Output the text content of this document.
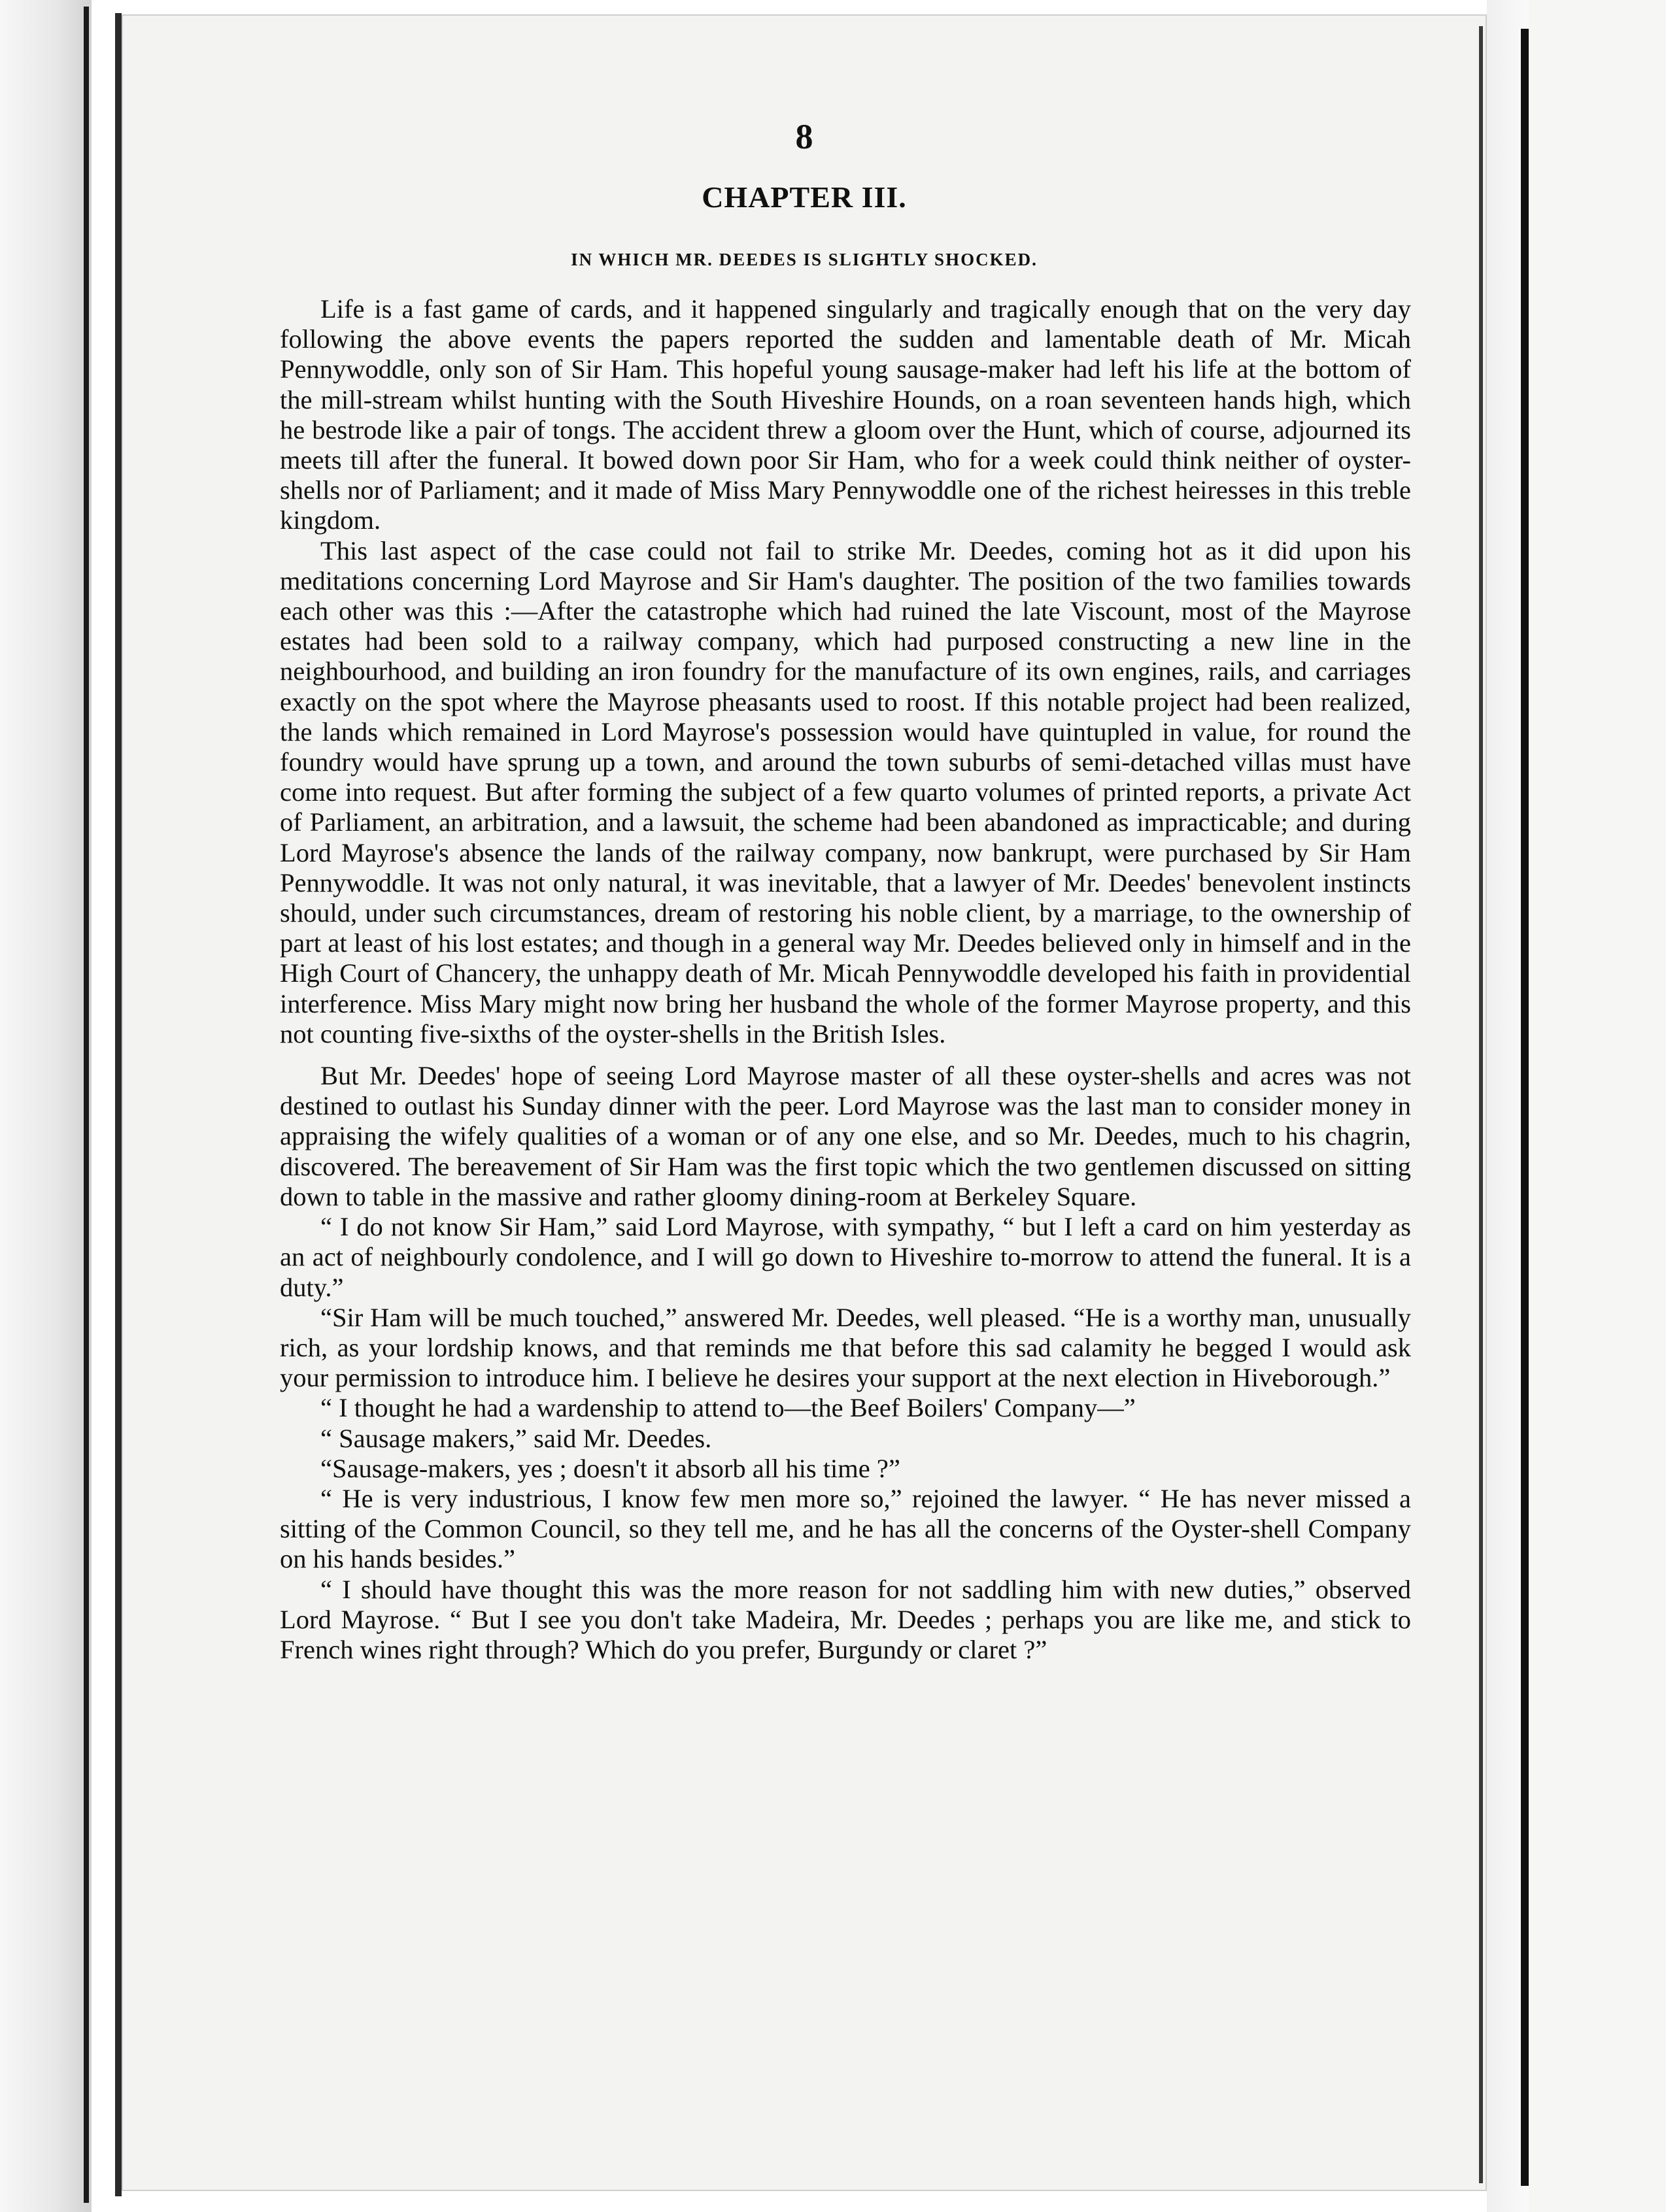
8
CHAPTER III.
IN WHICH MR. DEEDES IS SLIGHTLY SHOCKED.

Life is a fast game of cards, and it happened singularly and tragically enough that on the very day following the above events the papers reported the sudden and lamentable death of Mr. Micah Pennywoddle, only son of Sir Ham. This hopeful young sausage-maker had left his life at the bottom of the mill-stream whilst hunting with the South Hiveshire Hounds, on a roan seventeen hands high, which he bestrode like a pair of tongs. The accident threw a gloom over the Hunt, which of course, adjourned its meets till after the funeral. It bowed down poor Sir Ham, who for a week could think neither of oyster-shells nor of Parliament; and it made of Miss Mary Pennywoddle one of the richest heiresses in this treble kingdom.

This last aspect of the case could not fail to strike Mr. Deedes, coming hot as it did upon his meditations concerning Lord Mayrose and Sir Ham's daughter. The position of the two families towards each other was this :—After the catastrophe which had ruined the late Viscount, most of the Mayrose estates had been sold to a railway company, which had purposed constructing a new line in the neighbourhood, and building an iron foundry for the manufacture of its own engines, rails, and carriages exactly on the spot where the Mayrose pheasants used to roost. If this notable project had been realized, the lands which remained in Lord Mayrose's possession would have quintupled in value, for round the foundry would have sprung up a town, and around the town suburbs of semi-detached villas must have come into request. But after forming the subject of a few quarto volumes of printed reports, a private Act of Parliament, an arbitration, and a lawsuit, the scheme had been abandoned as impracticable; and during Lord Mayrose's absence the lands of the railway company, now bankrupt, were purchased by Sir Ham Pennywoddle. It was not only natural, it was inevitable, that a lawyer of Mr. Deedes' benevolent instincts should, under such circumstances, dream of restoring his noble client, by a marriage, to the ownership of part at least of his lost estates; and though in a general way Mr. Deedes believed only in himself and in the High Court of Chancery, the unhappy death of Mr. Micah Pennywoddle developed his faith in providential interference. Miss Mary might now bring her husband the whole of the former Mayrose property, and this not counting five-sixths of the oyster-shells in the British Isles.

But Mr. Deedes' hope of seeing Lord Mayrose master of all these oyster-shells and acres was not destined to outlast his Sunday dinner with the peer. Lord Mayrose was the last man to consider money in appraising the wifely qualities of a woman or of any one else, and so Mr. Deedes, much to his chagrin, discovered. The bereavement of Sir Ham was the first topic which the two gentlemen discussed on sitting down to table in the massive and rather gloomy dining-room at Berkeley Square.

“ I do not know Sir Ham,” said Lord Mayrose, with sympathy, “ but I left a card on him yesterday as an act of neighbourly condolence, and I will go down to Hiveshire to-morrow to attend the funeral. It is a duty.”

“Sir Ham will be much touched,” answered Mr. Deedes, well pleased. “He is a worthy man, unusually rich, as your lordship knows, and that reminds me that before this sad calamity he begged I would ask your permission to introduce him. I believe he desires your support at the next election in Hiveborough.”

“ I thought he had a wardenship to attend to—the Beef Boilers' Company—”

“ Sausage makers,” said Mr. Deedes.

“Sausage-makers, yes ; doesn't it absorb all his time ?”

“ He is very industrious, I know few men more so,” rejoined the lawyer. “ He has never missed a sitting of the Common Council, so they tell me, and he has all the concerns of the Oyster-shell Company on his hands besides.”

“ I should have thought this was the more reason for not saddling him with new duties,” observed Lord Mayrose. “ But I see you don't take Madeira, Mr. Deedes ; perhaps you are like me, and stick to French wines right through? Which do you prefer, Burgundy or claret ?”
